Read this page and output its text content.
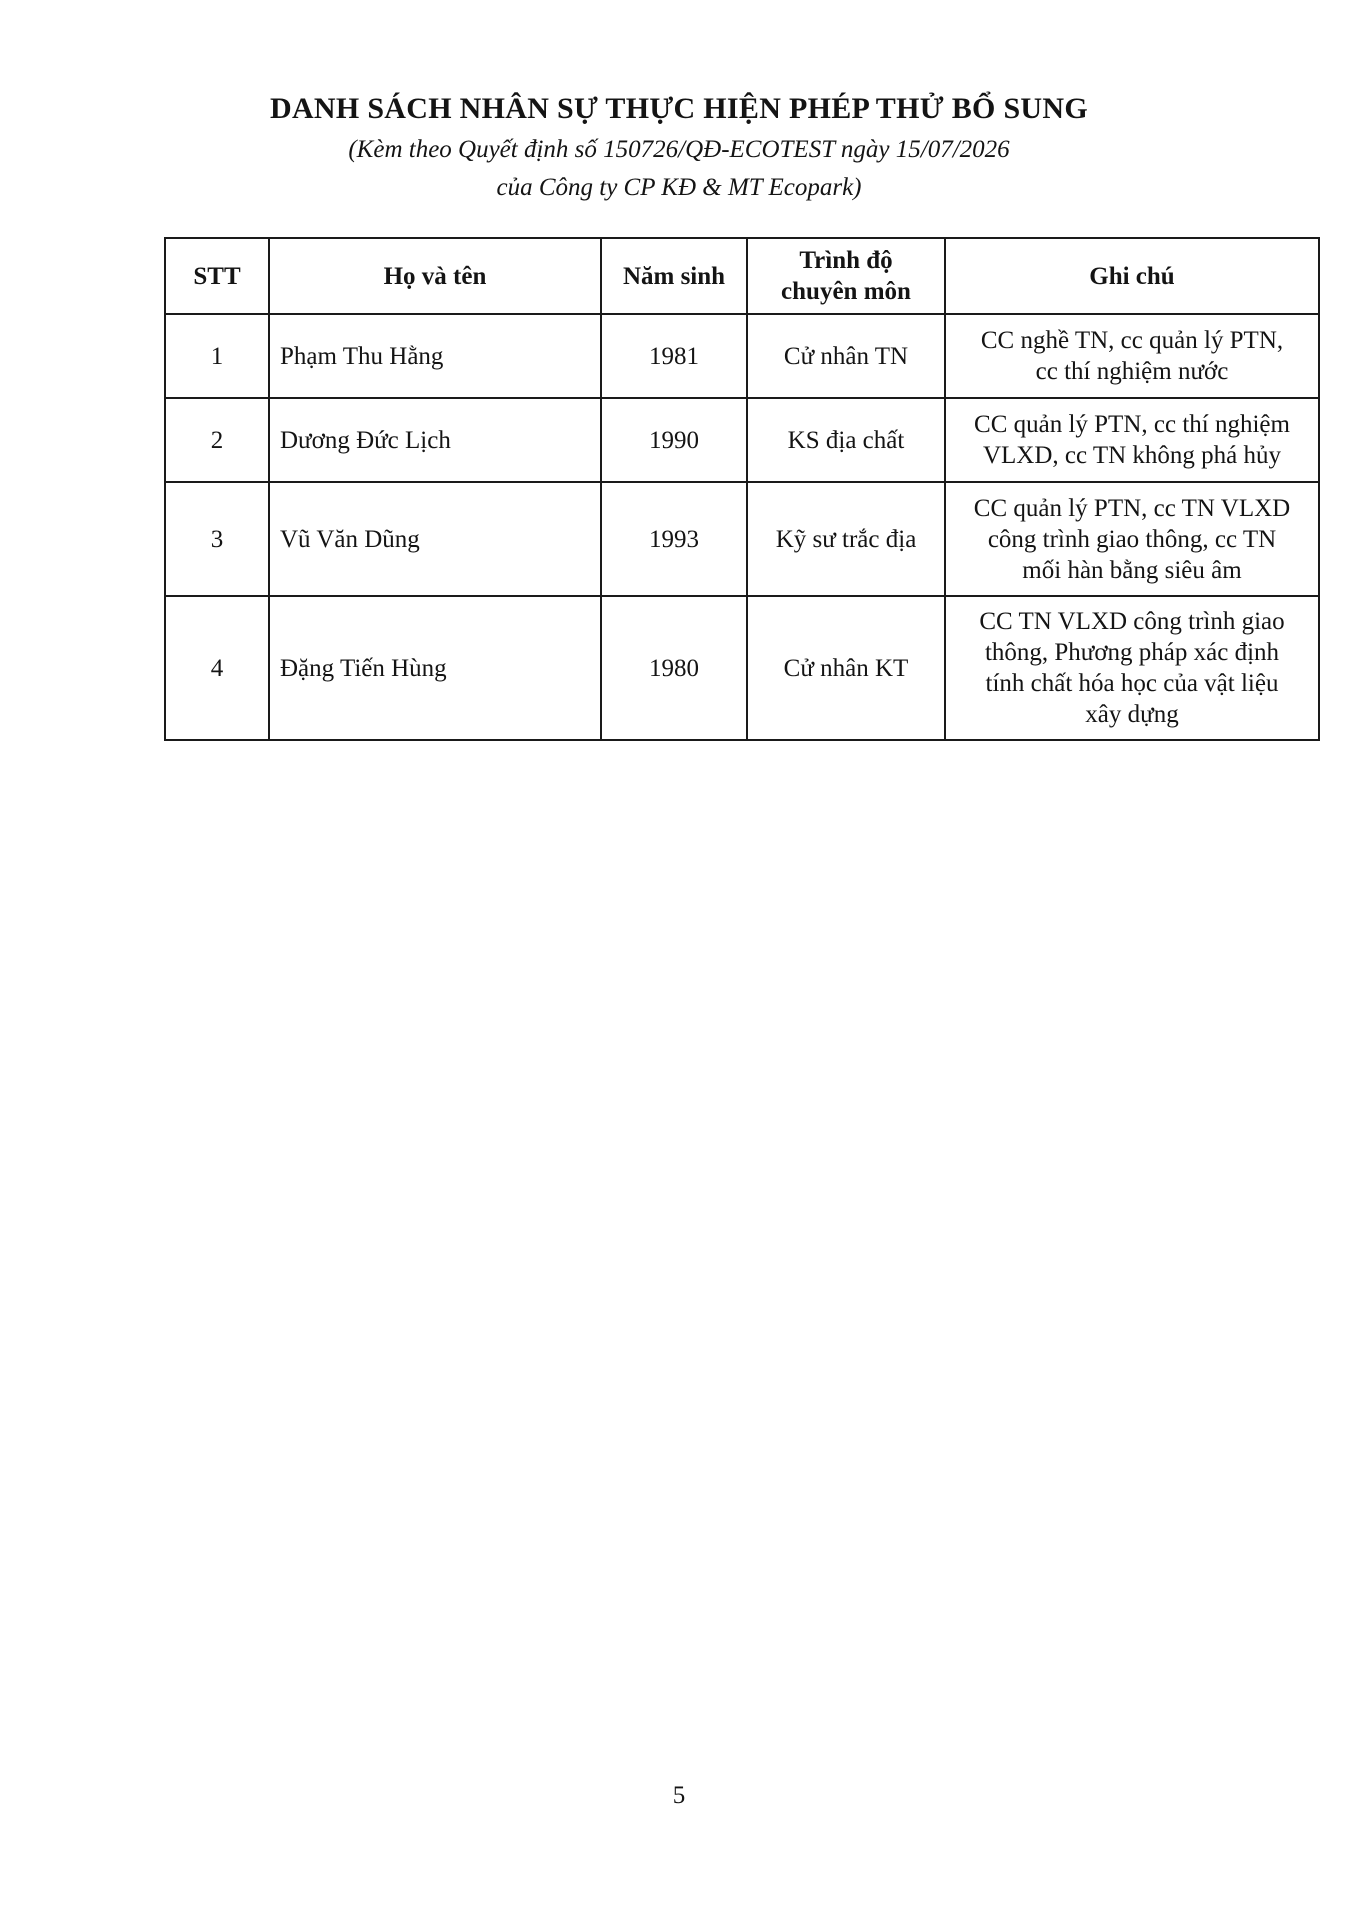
DANH SÁCH NHÂN SỰ THỰC HIỆN PHÉP THỬ BỔ SUNG
(Kèm theo Quyết định số 150726/QĐ-ECOTEST ngày 15/07/2026
của Công ty CP KĐ & MT Ecopark)
STT	Họ và tên	Năm sinh	Trình độ
chuyên môn	Ghi chú
1	Phạm Thu Hằng	1981	Cử nhân TN	CC nghề TN, cc quản lý PTN,
cc thí nghiệm nước
2	Dương Đức Lịch	1990	KS địa chất	CC quản lý PTN, cc thí nghiệm
VLXD, cc TN không phá hủy
3	Vũ Văn Dũng	1993	Kỹ sư trắc địa	CC quản lý PTN, cc TN VLXD
công trình giao thông, cc TN
mối hàn bằng siêu âm
4	Đặng Tiến Hùng	1980	Cử nhân KT	CC TN VLXD công trình giao
thông, Phương pháp xác định
tính chất hóa học của vật liệu
xây dựng
5
